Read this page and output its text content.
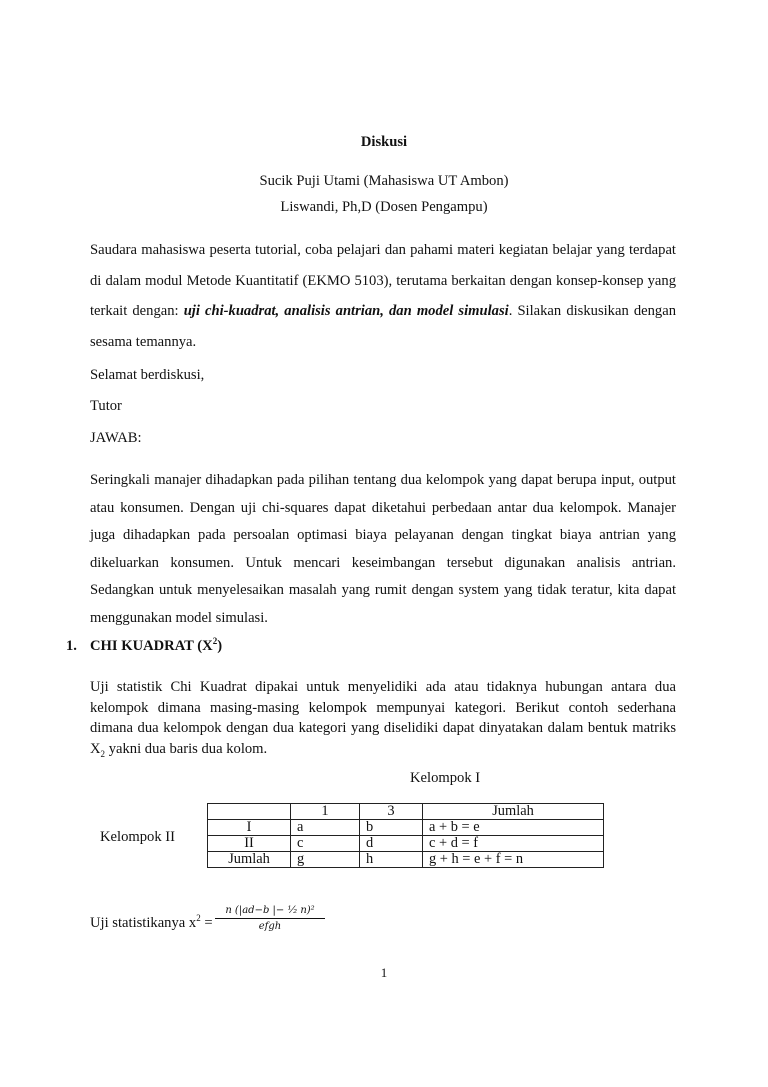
Diskusi
Sucik Puji Utami (Mahasiswa UT Ambon)
Liswandi, Ph,D (Dosen Pengampu)
Saudara mahasiswa peserta tutorial, coba pelajari dan pahami materi kegiatan belajar yang terdapat di dalam modul Metode Kuantitatif (EKMO 5103), terutama berkaitan dengan konsep-konsep yang terkait dengan: uji chi-kuadrat, analisis antrian, dan model simulasi. Silakan diskusikan dengan sesama temannya.
Selamat berdiskusi,
Tutor
JAWAB:
Seringkali manajer dihadapkan pada pilihan tentang dua kelompok yang dapat berupa input, output atau konsumen. Dengan uji chi-squares dapat diketahui perbedaan antar dua kelompok. Manajer juga dihadapkan pada persoalan optimasi biaya pelayanan dengan tingkat biaya antrian yang dikeluarkan konsumen. Untuk mencari keseimbangan tersebut digunakan analisis antrian. Sedangkan untuk menyelesaikan masalah yang rumit dengan system yang tidak teratur, kita dapat menggunakan model simulasi.
1. CHI KUADRAT $(X^2)$
Uji statistik Chi Kuadrat dipakai untuk menyelidiki ada atau tidaknya hubungan antara dua kelompok dimana masing-masing kelompok mempunyai kategori. Berikut contoh sederhana dimana dua kelompok dengan dua kategori yang diselidiki dapat dinyatakan dalam bentuk matriks $X_2$ yakni dua baris dua kolom.
Kelompok I
Kelompok II
	1	3	Jumlah
I	a	b	a + b = e
II	c	d	c + d = f
Jumlah	g	h	g + h = e + f = n
Uji statistikanya $x^2$ =
n (|ad−b |− ¹⁄₂ n)²
efgh
1
